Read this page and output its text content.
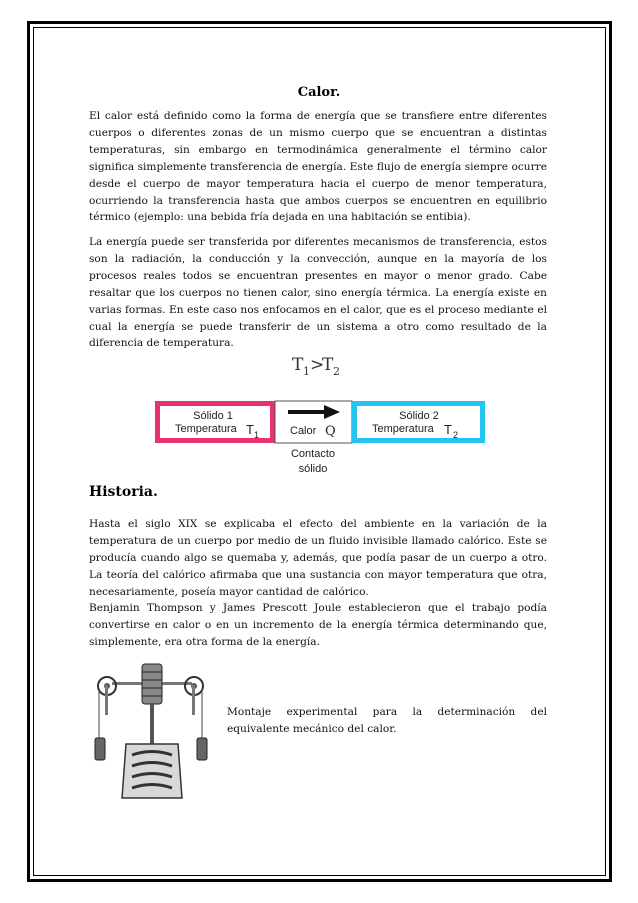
Calor.

El calor está definido como la forma de energía que se transfiere entre diferentes cuerpos o diferentes zonas de un mismo cuerpo que se encuentran a distintas temperaturas, sin embargo en termodinámica generalmente el término calor significa simplemente transferencia de energía. Este flujo de energía siempre ocurre desde el cuerpo de mayor temperatura hacia el cuerpo de menor temperatura, ocurriendo la transferencia hasta que ambos cuerpos se encuentren en equilibrio térmico (ejemplo: una bebida fría dejada en una habitación se entibia).

La energía puede ser transferida por diferentes mecanismos de transferencia, estos son la radiación, la conducción y la convección, aunque en la mayoría de los procesos reales todos se encuentran presentes en mayor o menor grado. Cabe resaltar que los cuerpos no tienen calor, sino energía térmica. La energía existe en varias formas. En este caso nos enfocamos en el calor, que es el proceso mediante el cual la energía se puede transferir de un sistema a otro como resultado de la diferencia de temperatura.

T 1 >
T 2
Sólido 1
Temperatura T 1	Calor Q
Sólido 2
Temperatura T 2
Contacto
sólido
Historia.

Hasta el siglo XIX se explicaba el efecto del ambiente en la variación de la temperatura de un cuerpo por medio de un fluido invisible llamado calórico. Este se producía cuando algo se quemaba y, además, que podía pasar de un cuerpo a otro. La teoría del calórico afirmaba que una sustancia con mayor temperatura que otra, necesariamente, poseía mayor cantidad de calórico.

Benjamin Thompson y James Prescott Joule establecieron que el trabajo podía convertirse en calor o en un incremento de la energía térmica determinando que, simplemente, era otra forma de la energía.

Montaje experimental para la determinación del equivalente mecánico del calor.
